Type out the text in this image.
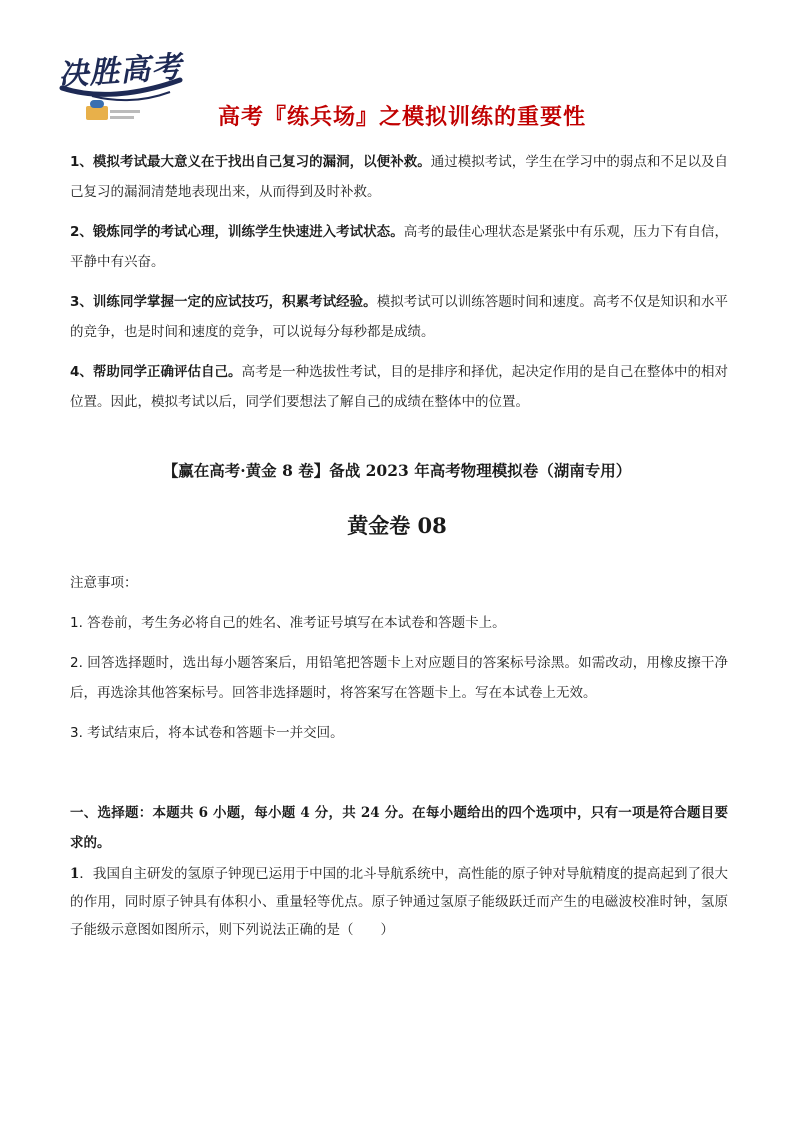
决胜高考
高考『练兵场』之模拟训练的重要性

1、模拟考试最大意义在于找出自己复习的漏洞，以便补救。通过模拟考试，学生在学习中的弱点和不足以及自己复习的漏洞清楚地表现出来，从而得到及时补救。

2、锻炼同学的考试心理，训练学生快速进入考试状态。高考的最佳心理状态是紧张中有乐观，压力下有自信，平静中有兴奋。

3、训练同学掌握一定的应试技巧，积累考试经验。模拟考试可以训练答题时间和速度。高考不仅是知识和水平的竞争，也是时间和速度的竞争，可以说每分每秒都是成绩。

4、帮助同学正确评估自己。高考是一种选拔性考试，目的是排序和择优，起决定作用的是自己在整体中的相对位置。因此，模拟考试以后，同学们要想法了解自己的成绩在整体中的位置。

【赢在高考·黄金 8 卷】备战 2023 年高考物理模拟卷（湖南专用）
黄金卷 08

注意事项：

1. 答卷前，考生务必将自己的姓名、准考证号填写在本试卷和答题卡上。

2. 回答选择题时，选出每小题答案后，用铅笔把答题卡上对应题目的答案标号涂黑。如需改动，用橡皮擦干净后，再选涂其他答案标号。回答非选择题时，将答案写在答题卡上。写在本试卷上无效。

3. 考试结束后，将本试卷和答题卡一并交回。

一、选择题：本题共 6 小题，每小题 4 分，共 24 分。在每小题给出的四个选项中，只有一项是符合题目要求的。
1．我国自主研发的氢原子钟现已运用于中国的北斗导航系统中，高性能的原子钟对导航精度的提高起到了很大的作用，同时原子钟具有体积小、重量轻等优点。原子钟通过氢原子能级跃迁而产生的电磁波校准时钟，氢原子能级示意图如图所示，则下列说法正确的是（　　）
